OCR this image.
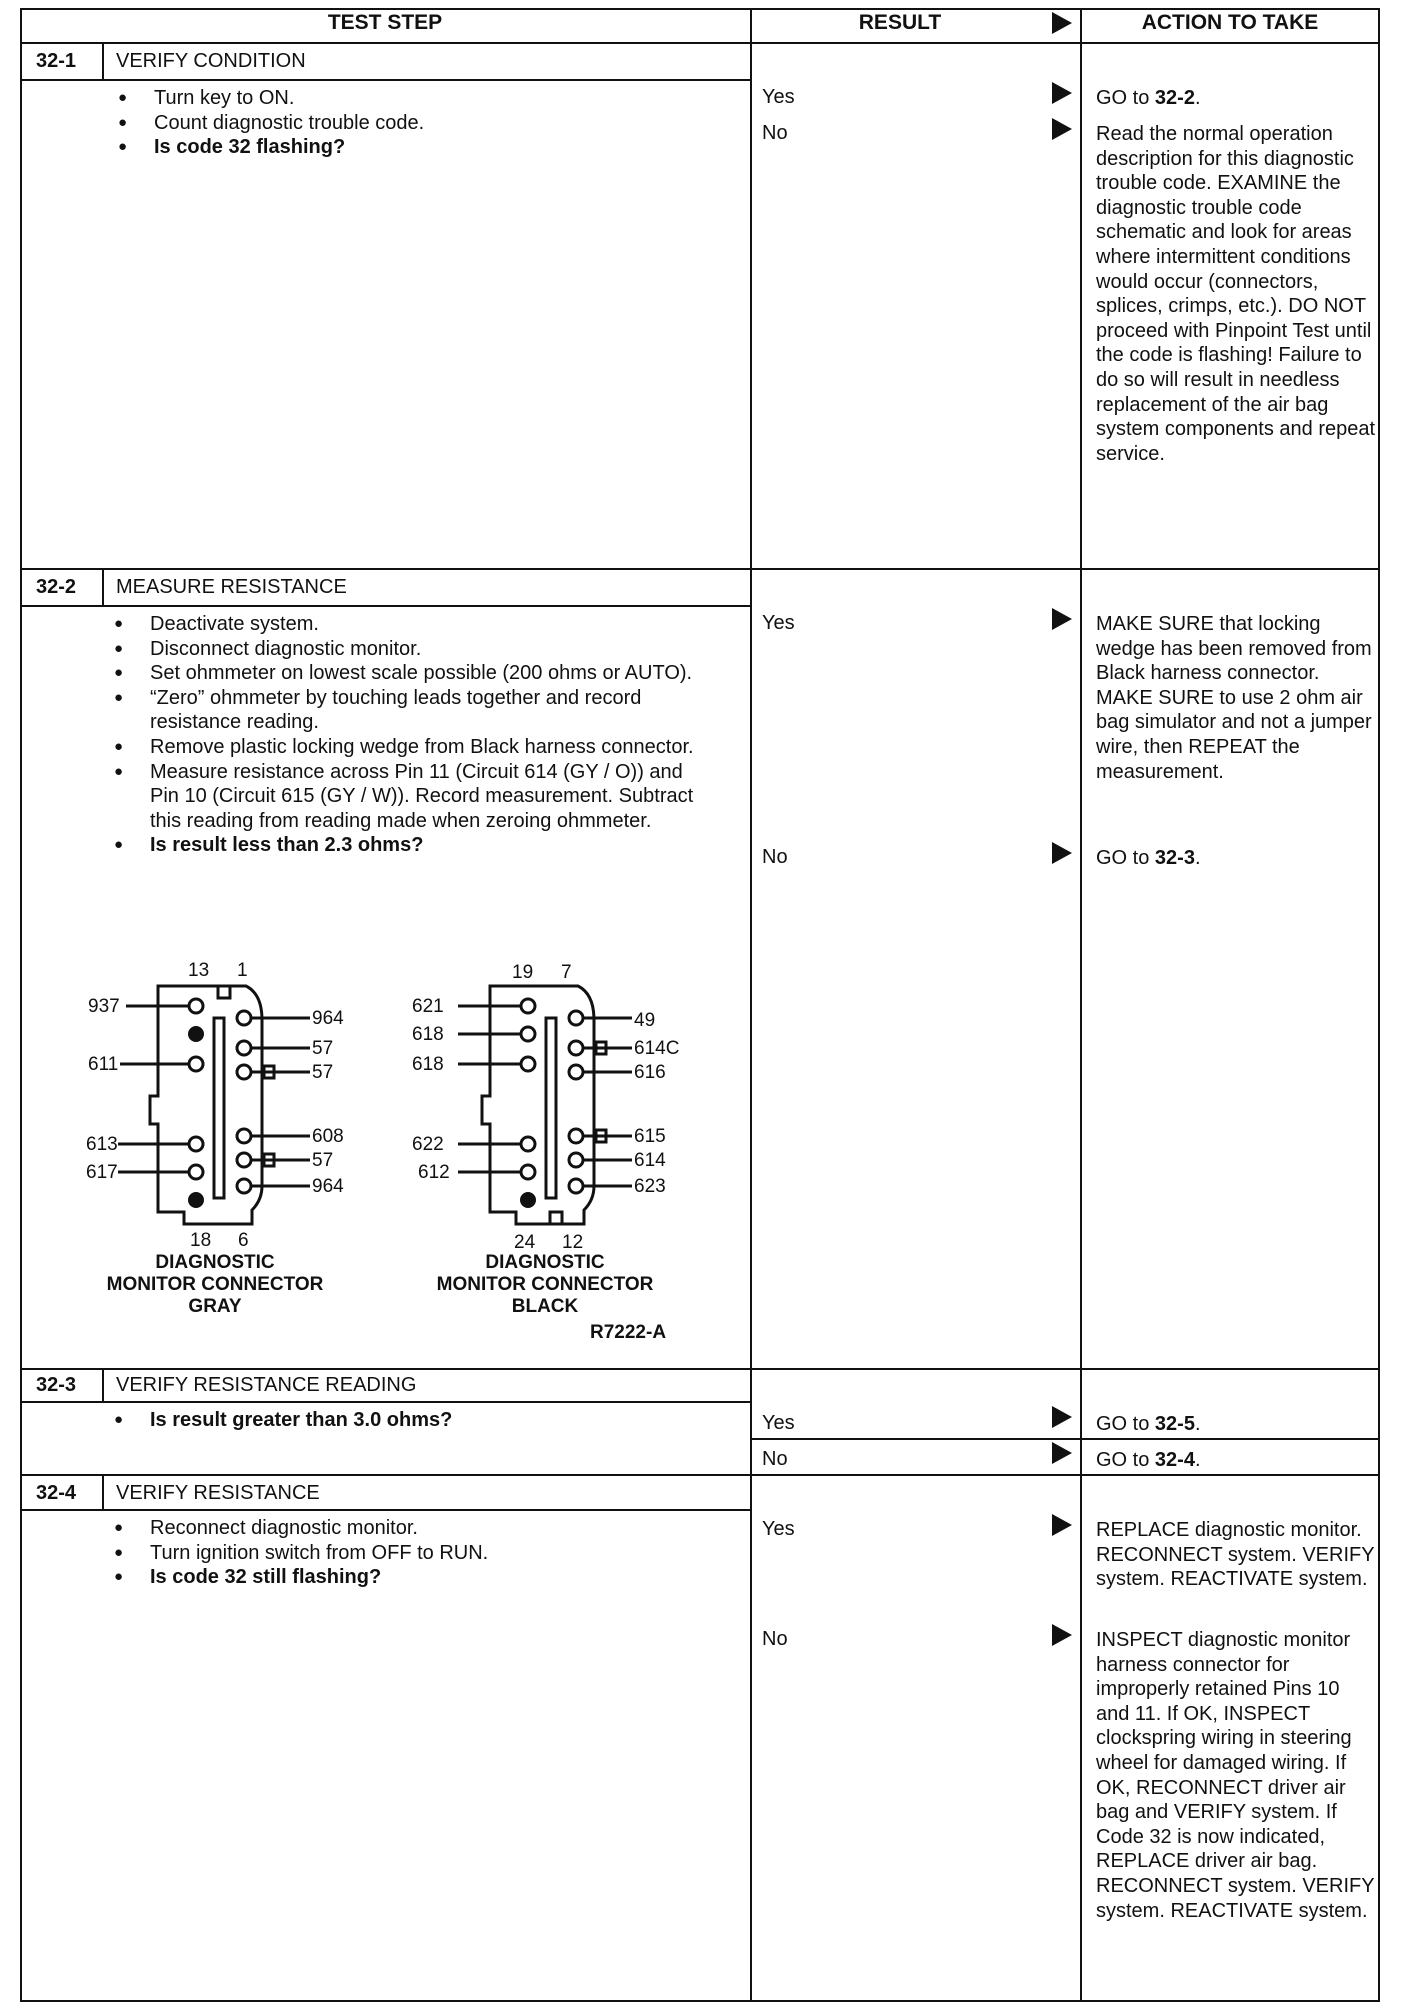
TEST STEP	RESULT	ACTION TO TAKE
32-1 VERIFY CONDITION
● Turn key to ON.
● Count diagnostic trouble code.
● Is code 32 flashing?
Yes	GO to 32-2.
No	Read the normal operation description for this diagnostic trouble code. EXAMINE the diagnostic trouble code schematic and look for areas where intermittent conditions would occur (connectors, splices, crimps, etc.). DO NOT proceed with Pinpoint Test until the code is flashing! Failure to do so will result in needless replacement of the air bag system components and repeat service.
32-2 MEASURE RESISTANCE
● Deactivate system.
● Disconnect diagnostic monitor.
● Set ohmmeter on lowest scale possible (200 ohms or AUTO).
● “Zero” ohmmeter by touching leads together and record resistance reading.
● Remove plastic locking wedge from Black harness connector.
● Measure resistance across Pin 11 (Circuit 614 (GY / O)) and Pin 10 (Circuit 615 (GY / W)). Record measurement. Subtract this reading from reading made when zeroing ohmmeter.
● Is result less than 2.3 ohms?
Yes	MAKE SURE that locking wedge has been removed from Black harness connector. MAKE SURE to use 2 ohm air bag simulator and not a jumper wire, then REPEAT the measurement.
No	GO to 32-3.
13 1
937
611
613
617
964
57
57
608
57
964
18 6
DIAGNOSTIC
MONITOR CONNECTOR
GRAY
19 7
621
618
618
622
612
49
614C
616
615
614
623
24 12
DIAGNOSTIC
MONITOR CONNECTOR
BLACK
R7222-A
32-3 VERIFY RESISTANCE READING
● Is result greater than 3.0 ohms?	Yes	GO to 32-5.
No	GO to 32-4.
32-4 VERIFY RESISTANCE
● Reconnect diagnostic monitor.
● Turn ignition switch from OFF to RUN.
● Is code 32 still flashing?
Yes	REPLACE diagnostic monitor. RECONNECT system. VERIFY system. REACTIVATE system.
No	INSPECT diagnostic monitor harness connector for improperly retained Pins 10 and 11. If OK, INSPECT clockspring wiring in steering wheel for damaged wiring. If OK, RECONNECT driver air bag and VERIFY system. If Code 32 is now indicated, REPLACE driver air bag. RECONNECT system. VERIFY system. REACTIVATE system.
